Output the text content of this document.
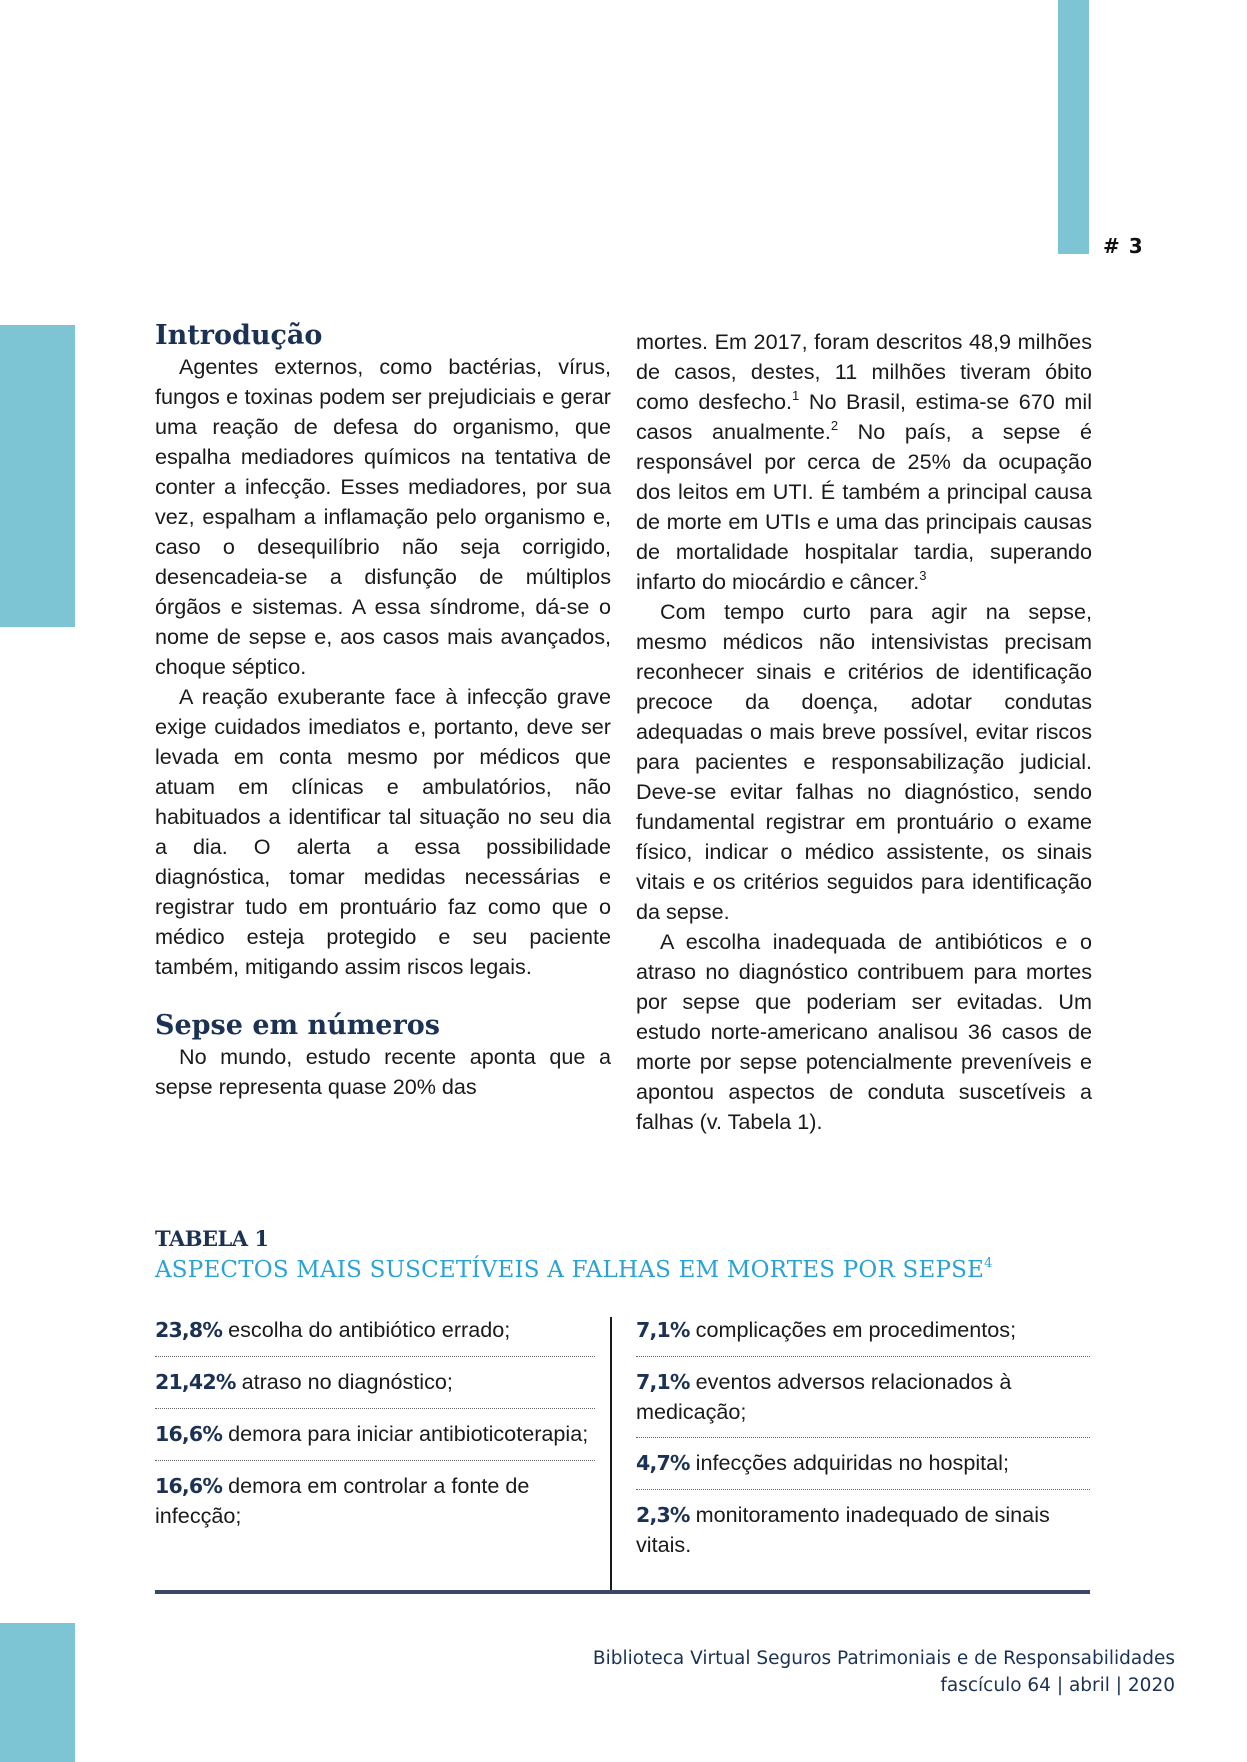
# 3
Introdução

Agentes externos, como bactérias, vírus, fungos e toxinas podem ser prejudiciais e gerar uma reação de defesa do organismo, que espalha mediadores químicos na tentativa de conter a infecção. Esses mediadores, por sua vez, espalham a inflamação pelo organismo e, caso o desequilíbrio não seja corrigido, desencadeia-se a disfunção de múltiplos órgãos e sistemas. A essa síndrome, dá-se o nome de sepse e, aos casos mais avançados, choque séptico.

A reação exuberante face à infecção grave exige cuidados imediatos e, portanto, deve ser levada em conta mesmo por médicos que atuam em clínicas e ambulatórios, não habituados a identificar tal situação no seu dia a dia. O alerta a essa possibilidade diagnóstica, tomar medidas necessárias e registrar tudo em prontuário faz como que o médico esteja protegido e seu paciente também, mitigando assim riscos legais.

Sepse em números

No mundo, estudo recente aponta que a sepse representa quase 20% das

mortes. Em 2017, foram descritos 48,9 milhões de casos, destes, 11 milhões tiveram óbito como desfecho.$^1$ No Brasil, estima-se 670 mil casos anualmente.$^2$ No país, a sepse é responsável por cerca de 25% da ocupação dos leitos em UTI. É também a principal causa de morte em UTIs e uma das principais causas de mortalidade hospitalar tardia, superando infarto do miocárdio e câncer.$^3$

Com tempo curto para agir na sepse, mesmo médicos não intensivistas precisam reconhecer sinais e critérios de identificação precoce da doença, adotar condutas adequadas o mais breve possível, evitar riscos para pacientes e responsabilização judicial. Deve-se evitar falhas no diagnóstico, sendo fundamental registrar em prontuário o exame físico, indicar o médico assistente, os sinais vitais e os critérios seguidos para identificação da sepse.

A escolha inadequada de antibióticos e o atraso no diagnóstico contribuem para mortes por sepse que poderiam ser evitadas. Um estudo norte-americano analisou 36 casos de morte por sepse potencialmente preveníveis e apontou aspectos de conduta suscetíveis a falhas (v. Tabela 1).

TABELA 1
ASPECTOS MAIS SUSCETÍVEIS A FALHAS EM MORTES POR SEPSE$^4$
23,8% escolha do antibiótico errado;
21,42% atraso no diagnóstico;
16,6% demora para iniciar antibioticoterapia;
16,6% demora em controlar a fonte de infecção;
7,1% complicações em procedimentos;
7,1% eventos adversos relacionados à medicação;
4,7% infecções adquiridas no hospital;
2,3% monitoramento inadequado de sinais vitais.
Biblioteca Virtual Seguros Patrimoniais e de Responsabilidades
fascículo 64 | abril | 2020
